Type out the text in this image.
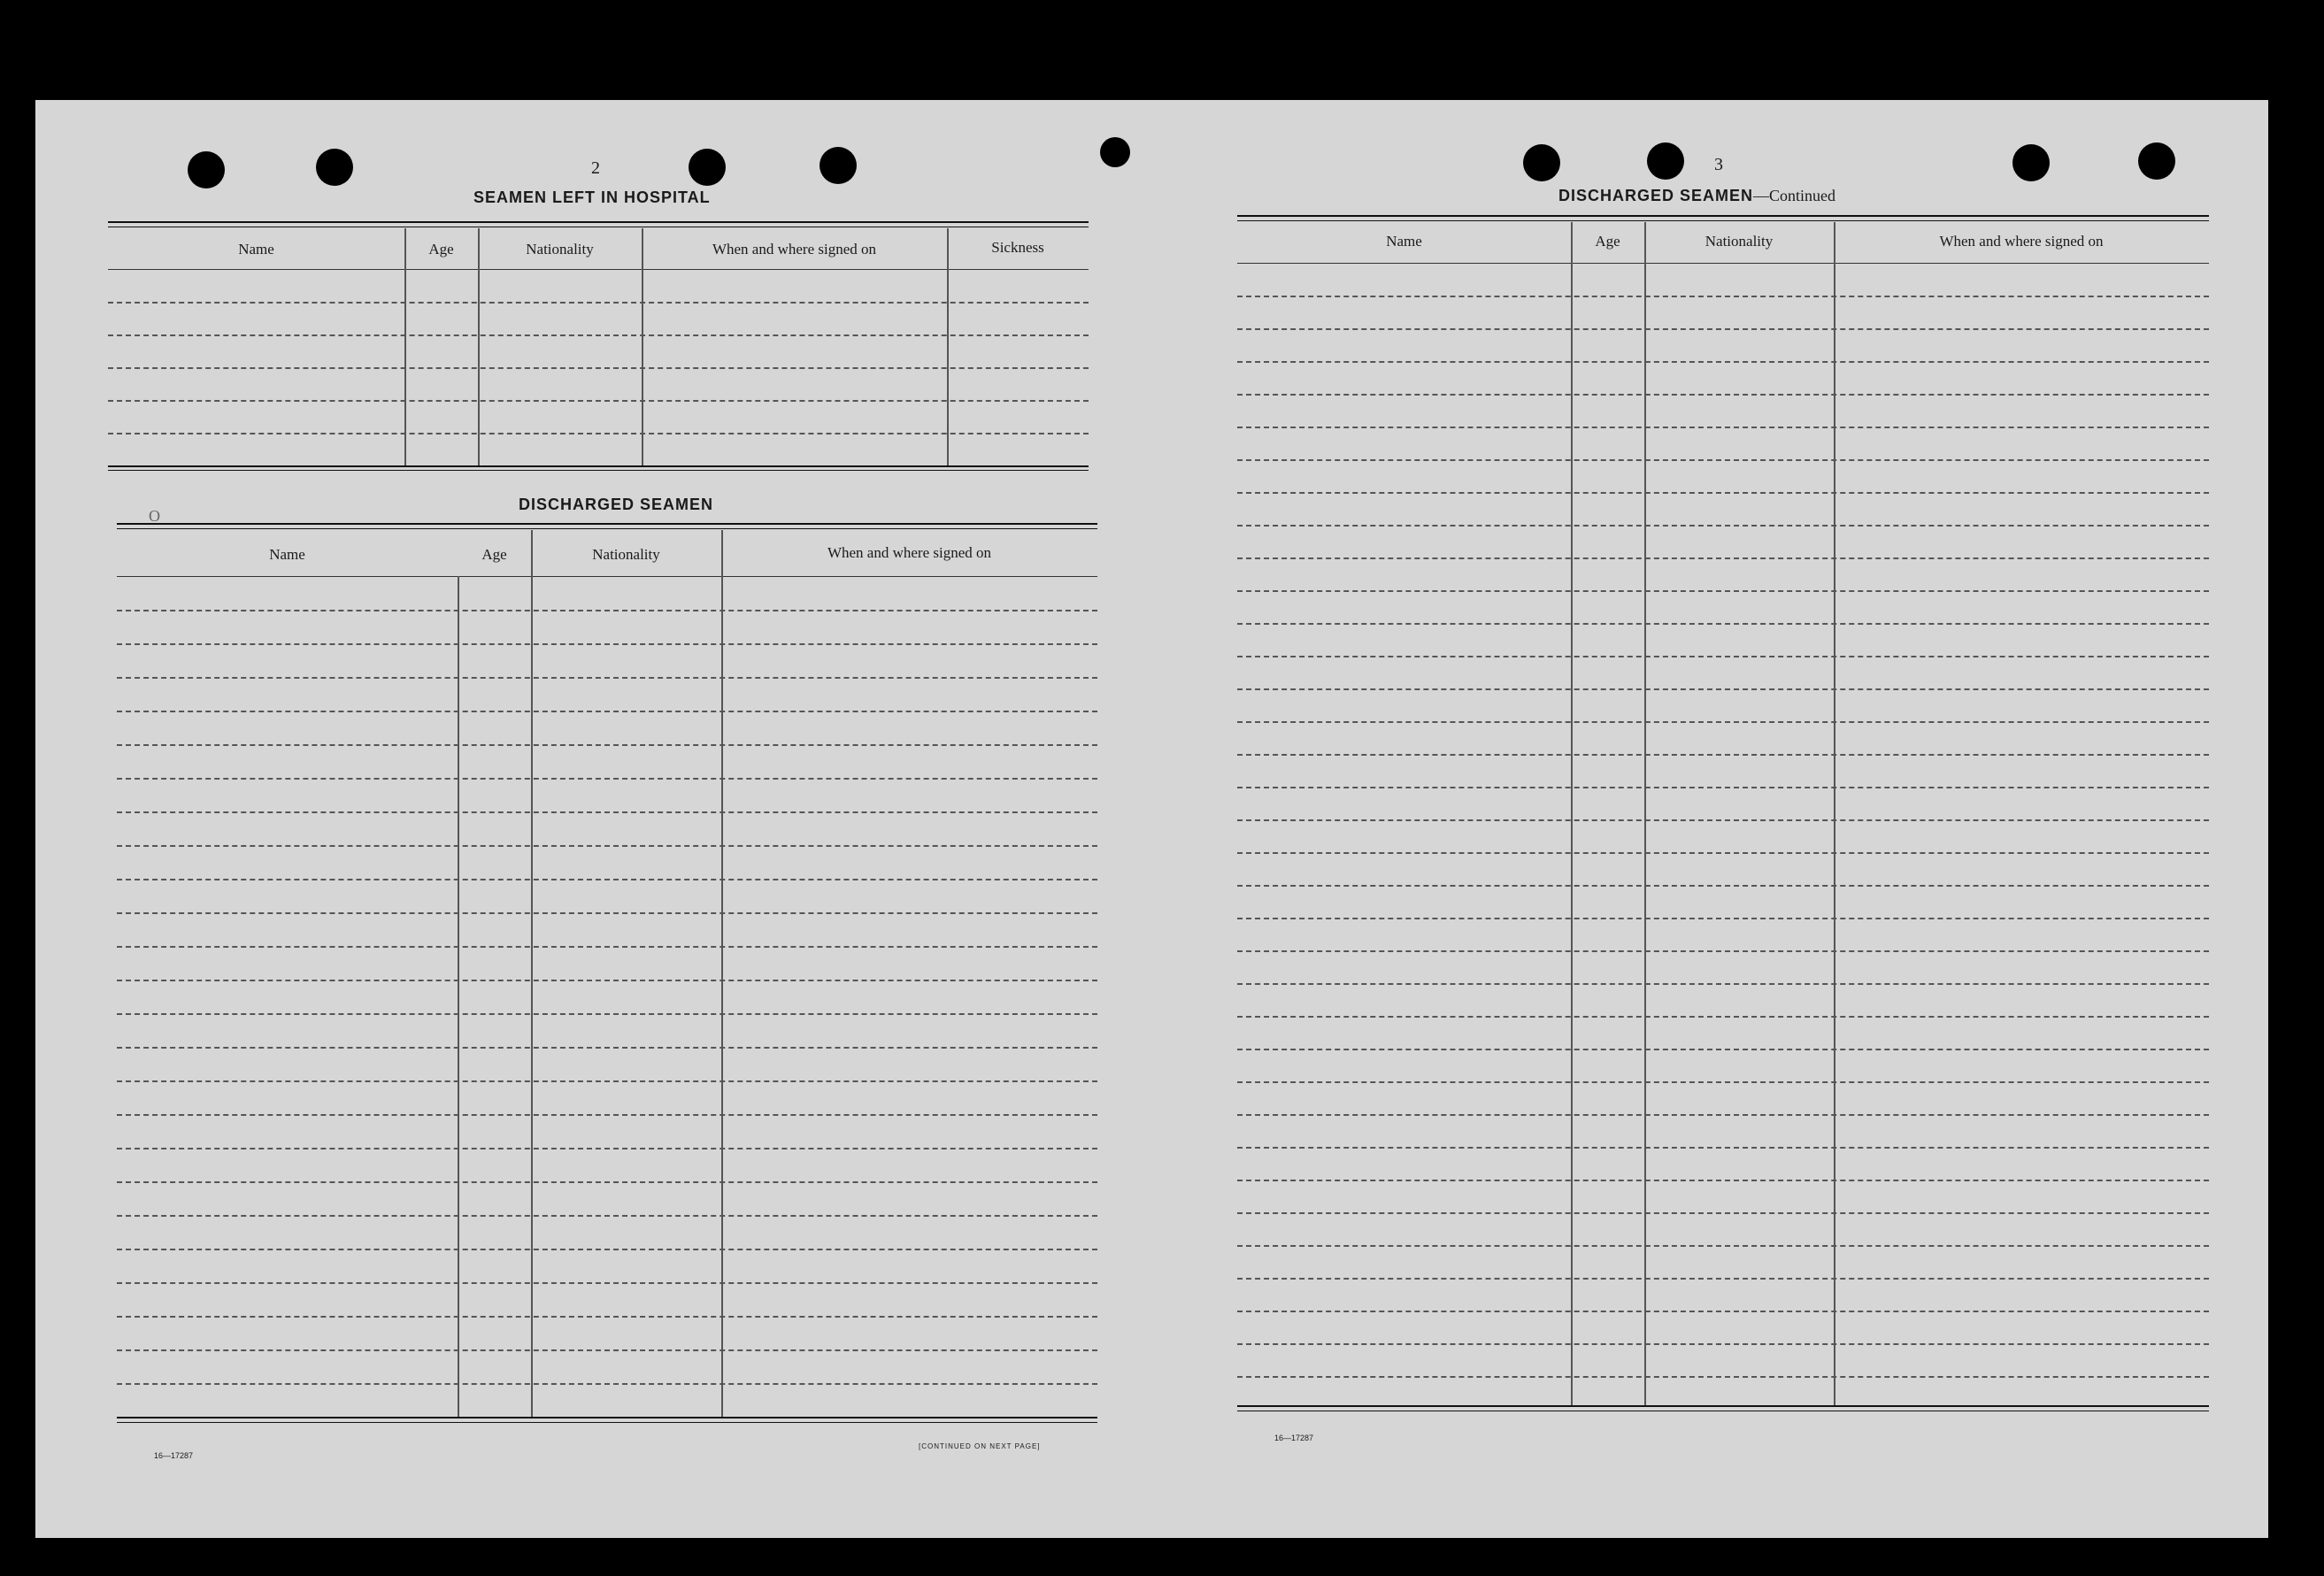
2
SEAMEN LEFT IN HOSPITAL
Name	Age	Nationality	When and where signed on	Sickness
O
DISCHARGED SEAMEN
Name	Age	Nationality	When and where signed on
16—17287
[CONTINUED ON NEXT PAGE]
3
DISCHARGED SEAMEN—Continued
Name	Age	Nationality	When and where signed on
16—17287
